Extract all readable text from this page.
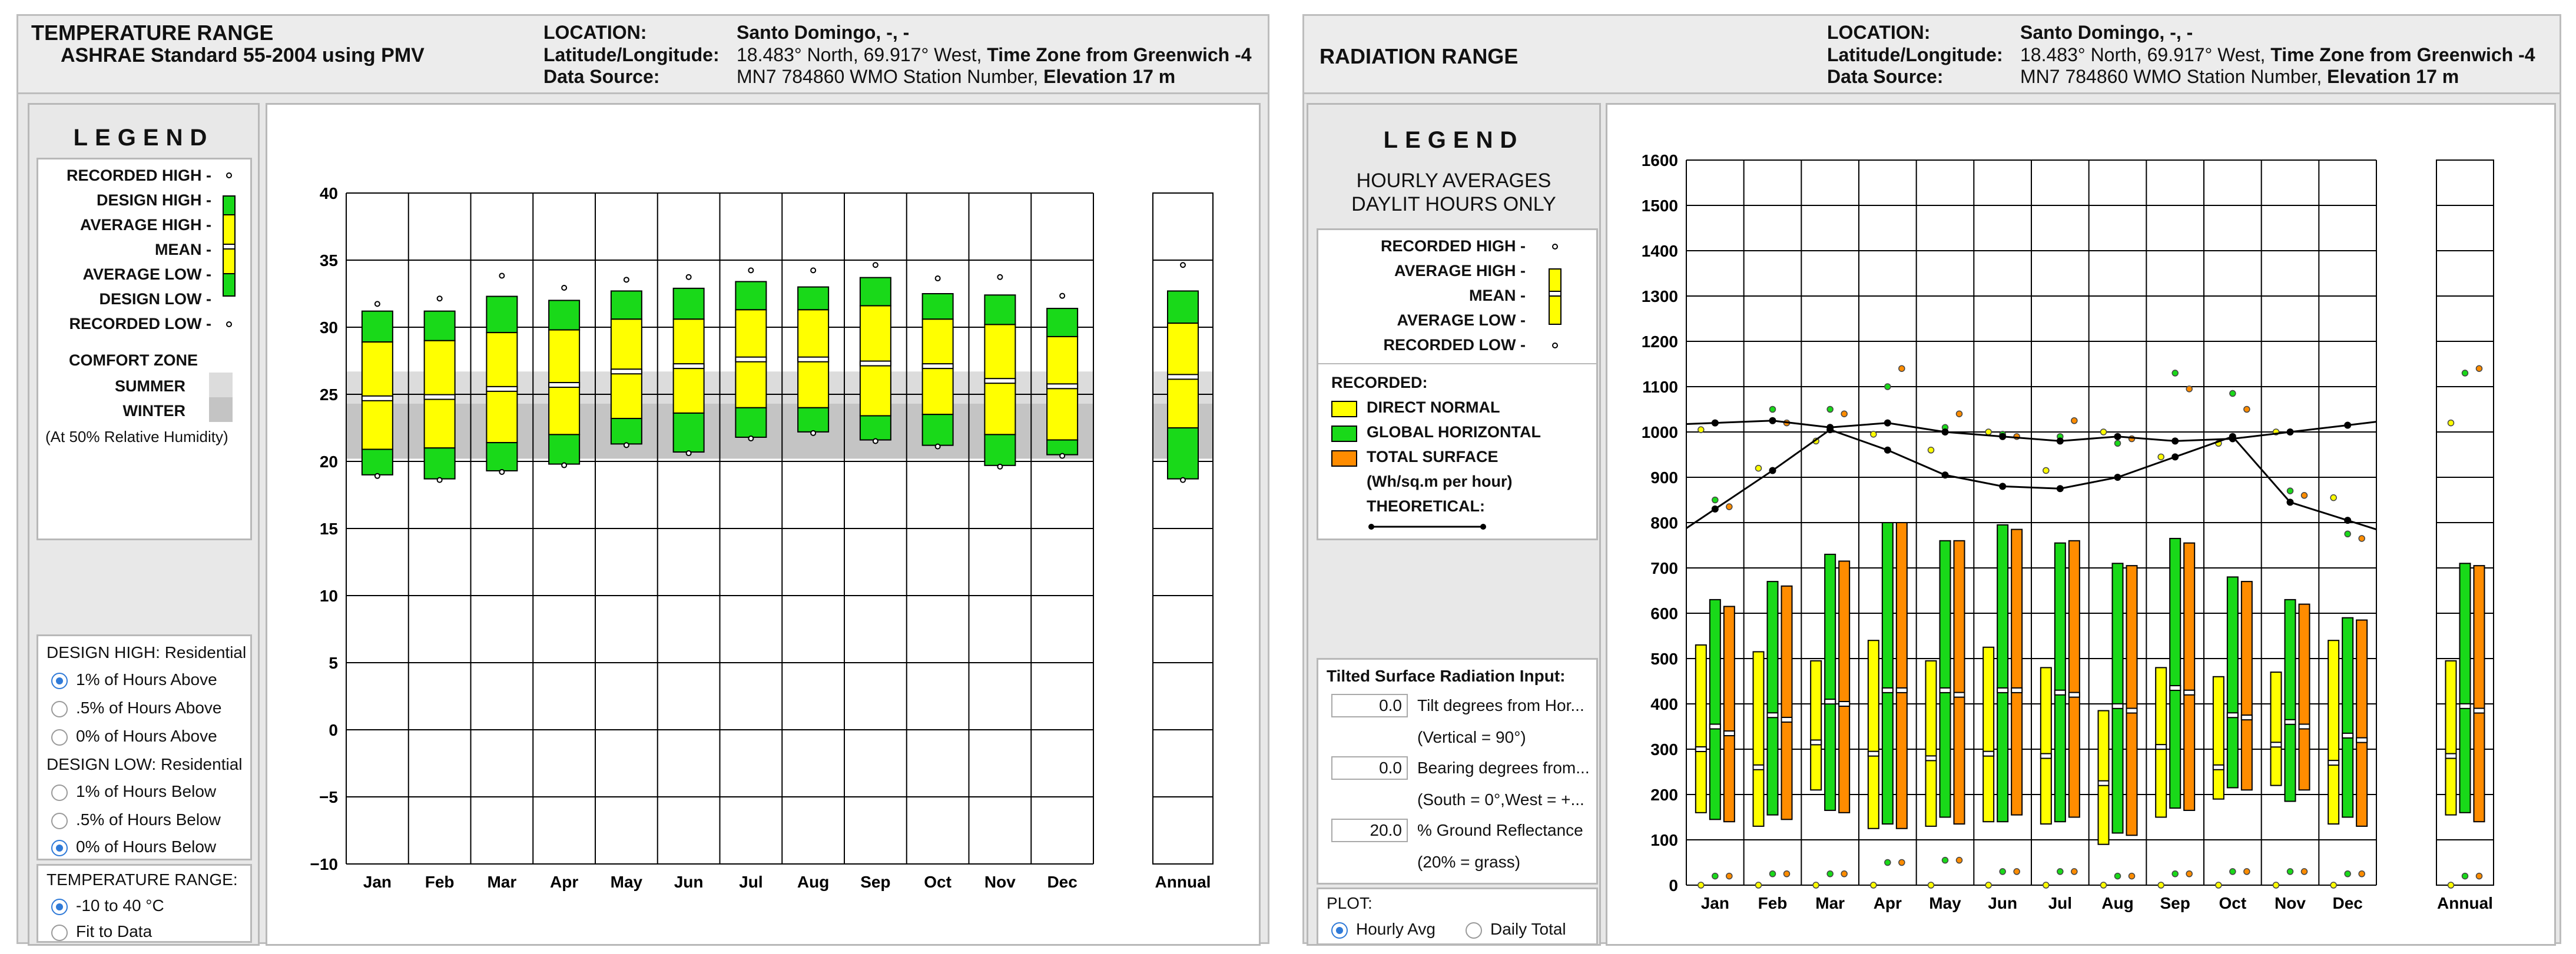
TEMPERATURE RANGE
ASHRAE Standard 55-2004 using PMV
LOCATION:	Santo Domingo, -, -
Latitude/Longitude: 18.483° North, 69.917° West, Time Zone from Greenwich -4
Data Source:	MN7 784860 WMO Station Number, Elevation 17 m
LEGEND
RECORDED HIGH -
DESIGN HIGH -
AVERAGE HIGH -
MEAN -
AVERAGE LOW -
DESIGN LOW -
RECORDED LOW -
COMFORT ZONE
SUMMER
WINTER
(At 50% Relative Humidity)
DESIGN HIGH: Residential
1% of Hours Above
.5% of Hours Above
0% of Hours Above
DESIGN LOW: Residential
1% of Hours Below
.5% of Hours Below
0% of Hours Below
TEMPERATURE RANGE:
-10 to 40 °C
Fit to Data
−10
−5
0
5
10
15
20
25
30
35
40
Jan Feb Mar Apr May Jun Jul Aug Sep Oct Nov Dec	Annual
RADIATION RANGE
LOCATION:	Santo Domingo, -, -
Latitude/Longitude: 18.483° North, 69.917° West, Time Zone from Greenwich -4
Data Source:	MN7 784860 WMO Station Number, Elevation 17 m
LEGEND
HOURLY AVERAGES
DAYLIT HOURS ONLY
RECORDED HIGH -
AVERAGE HIGH -
MEAN -
AVERAGE LOW -
RECORDED LOW -
RECORDED:
DIRECT NORMAL
GLOBAL HORIZONTAL
TOTAL SURFACE
(Wh/sq.m per hour)
THEORETICAL:
Tilted Surface Radiation Input:
0.0 Tilt degrees from Hor...
(Vertical = 90°)
0.0 Bearing degrees from...
(South = 0°,West = +...
20.0 % Ground Reflectance
(20% = grass)
PLOT:
Hourly Avg	Daily Total
0
100
200
300
400
500
600
700
800
900
1000
1100
1200
1300
1400
1500
1600
Jan Feb Mar Apr May Jun Jul Aug Sep Oct Nov Dec	Annual
